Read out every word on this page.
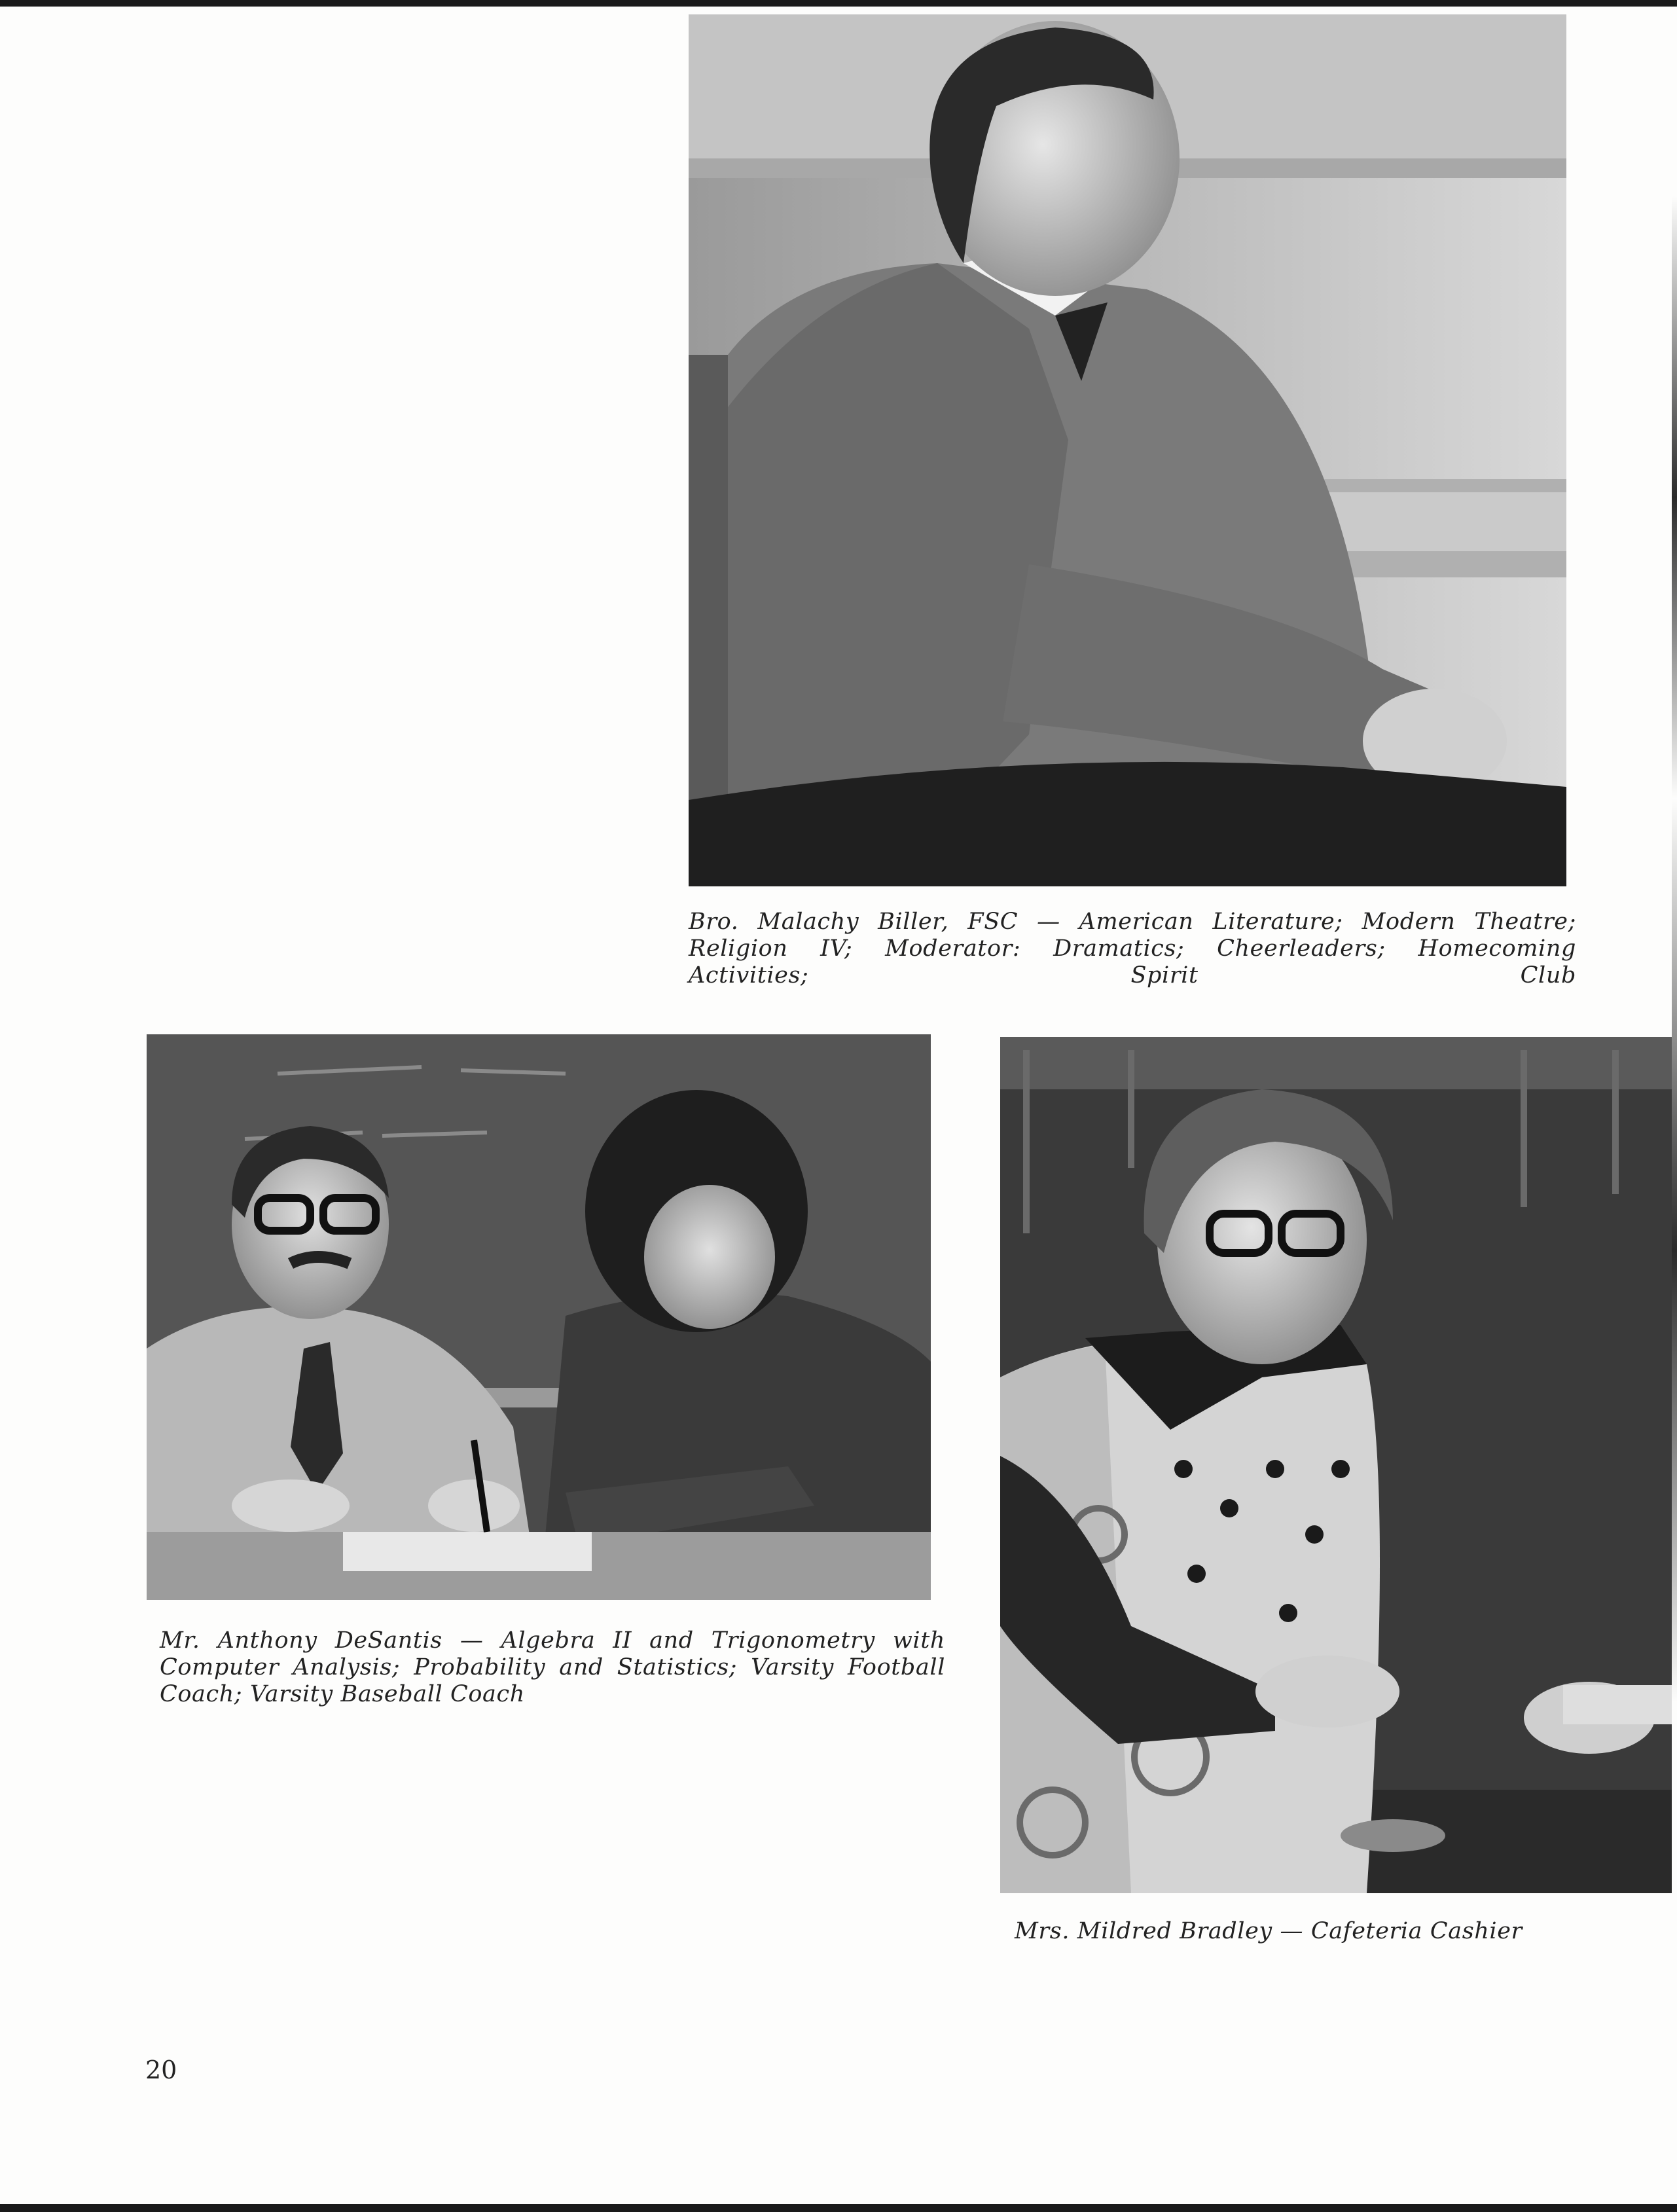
Bro. Malachy Biller, FSC — American Literature; Modern Theatre; Religion IV; Moderator: Dramatics; Cheerleaders; Homecoming Activities; Spirit Club

Mr. Anthony DeSantis — Algebra II and Trigonometry with Computer Analysis; Probability and Statistics; Varsity Football Coach; Varsity Baseball Coach

Mrs. Mildred Bradley — Cafeteria Cashier

20
